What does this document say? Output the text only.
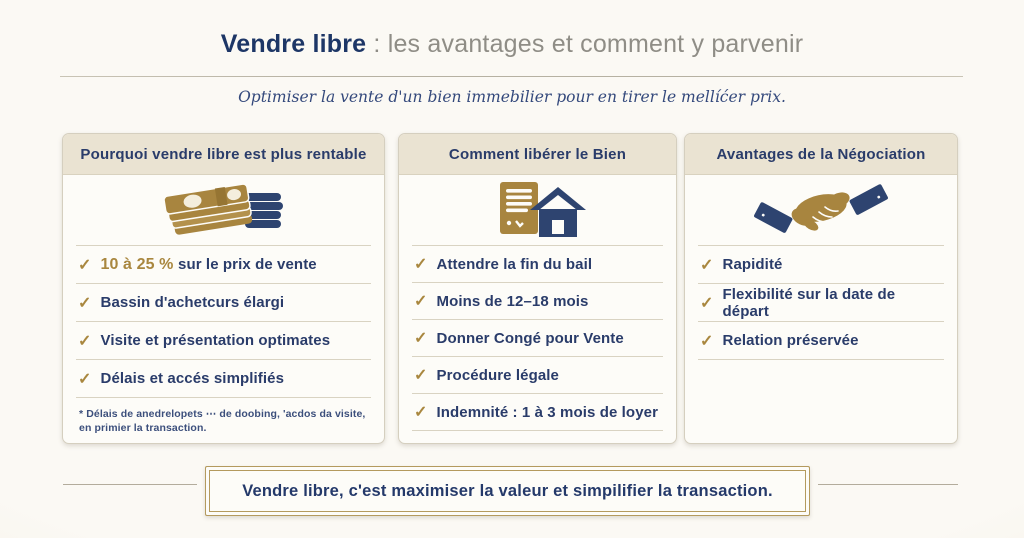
Vendre libre : les avantages et comment y parvenir
Optimiser la vente d'un bien immebilier pour en tirer le mellíćer prix.
Pourquoi vendre libre est plus rentable
✓ 10 à 25 % sur le prix de vente
✓ Bassin d'achetcurs élargi
✓ Visite et présentation optimates
✓ Délais et accés simplifiés
* Délais de anedrelopets ⋯ de doobing, 'acdos da visite, en primier la transaction.
Comment libérer le Bien
✓ Attendre la fin du bail
✓ Moins de 12–18 mois
✓ Donner Congé pour Vente
✓ Procédure légale
✓ Indemnité : 1 à 3 mois de loyer
Avantages de la Négociation
✓ Rapidité
✓
Flexibilité sur la date de départ
✓ Relation préservée
Vendre libre, c'est maximiser la valeur et simpilifier la transaction.
